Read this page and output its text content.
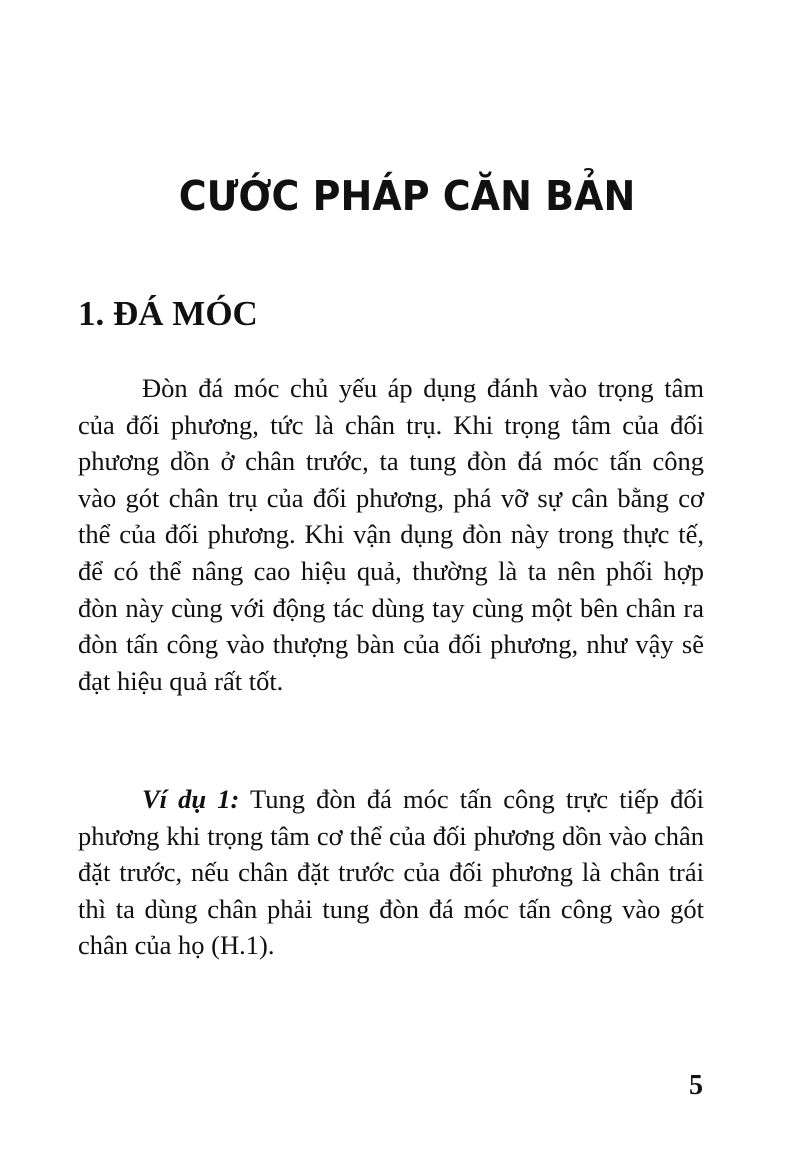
CƯỚC PHÁP CĂN BẢN
1. ĐÁ MÓC

Đòn đá móc chủ yếu áp dụng đánh vào trọng tâm của đối phương, tức là chân trụ. Khi trọng tâm của đối phương dồn ở chân trước, ta tung đòn đá móc tấn công vào gót chân trụ của đối phương, phá vỡ sự cân bằng cơ thể của đối phương. Khi vận dụng đòn này trong thực tế, để có thể nâng cao hiệu quả, thường là ta nên phối hợp đòn này cùng với động tác dùng tay cùng một bên chân ra đòn tấn công vào thượng bàn của đối phương, như vậy sẽ đạt hiệu quả rất tốt.

Ví dụ 1: Tung đòn đá móc tấn công trực tiếp đối phương khi trọng tâm cơ thể của đối phương dồn vào chân đặt trước, nếu chân đặt trước của đối phương là chân trái thì ta dùng chân phải tung đòn đá móc tấn công vào gót chân của họ (H.1).

5
